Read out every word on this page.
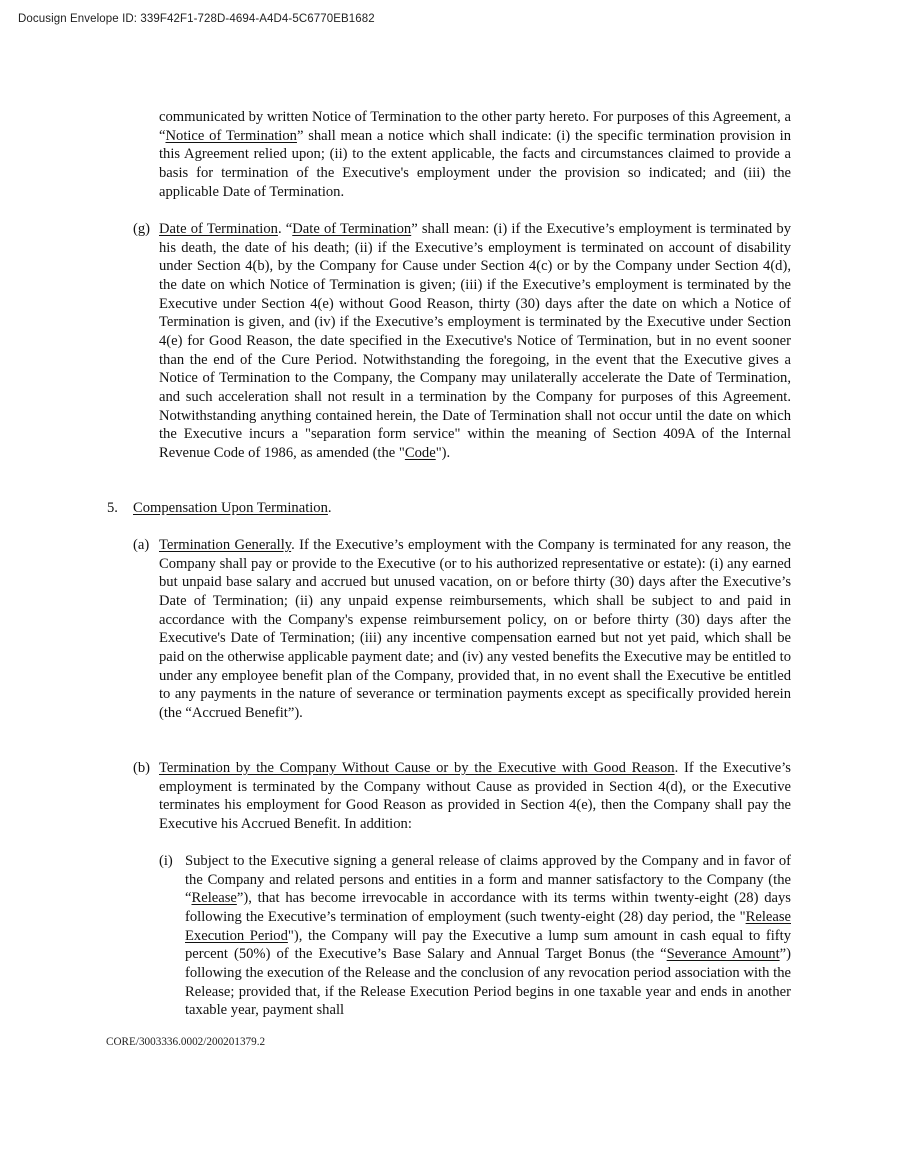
Docusign Envelope ID: 339F42F1-728D-4694-A4D4-5C6770EB1682

communicated by written Notice of Termination to the other party hereto. For purposes of this Agreement, a “Notice of Termination” shall mean a notice which shall indicate: (i) the specific termination provision in this Agreement relied upon; (ii) to the extent applicable, the facts and circumstances claimed to provide a basis for termination of the Executive's employment under the provision so indicated; and (iii) the applicable Date of Termination.

(g) Date of Termination. “Date of Termination” shall mean: (i) if the Executive’s employment is terminated by his death, the date of his death; (ii) if the Executive’s employment is terminated on account of disability under Section 4(b), by the Company for Cause under Section 4(c) or by the Company under Section 4(d), the date on which Notice of Termination is given; (iii) if the Executive’s employment is terminated by the Executive under Section 4(e) without Good Reason, thirty (30) days after the date on which a Notice of Termination is given, and (iv) if the Executive’s employment is terminated by the Executive under Section 4(e) for Good Reason, the date specified in the Executive's Notice of Termination, but in no event sooner than the end of the Cure Period. Notwithstanding the foregoing, in the event that the Executive gives a Notice of Termination to the Company, the Company may unilaterally accelerate the Date of Termination, and such acceleration shall not result in a termination by the Company for purposes of this Agreement. Notwithstanding anything contained herein, the Date of Termination shall not occur until the date on which the Executive incurs a "separation form service" within the meaning of Section 409A of the Internal Revenue Code of 1986, as amended (the "Code").

5. Compensation Upon Termination.

(a) Termination Generally. If the Executive’s employment with the Company is terminated for any reason, the Company shall pay or provide to the Executive (or to his authorized representative or estate): (i) any earned but unpaid base salary and accrued but unused vacation, on or before thirty (30) days after the Executive’s Date of Termination; (ii) any unpaid expense reimbursements, which shall be subject to and paid in accordance with the Company's expense reimbursement policy, on or before thirty (30) days after the Executive's Date of Termination; (iii) any incentive compensation earned but not yet paid, which shall be paid on the otherwise applicable payment date; and (iv) any vested benefits the Executive may be entitled to under any employee benefit plan of the Company, provided that, in no event shall the Executive be entitled to any payments in the nature of severance or termination payments except as specifically provided herein (the “Accrued Benefit”).

(b) Termination by the Company Without Cause or by the Executive with Good Reason. If the Executive’s employment is terminated by the Company without Cause as provided in Section 4(d), or the Executive terminates his employment for Good Reason as provided in Section 4(e), then the Company shall pay the Executive his Accrued Benefit. In addition:

(i) Subject to the Executive signing a general release of claims approved by the Company and in favor of the Company and related persons and entities in a form and manner satisfactory to the Company (the “Release”), that has become irrevocable in accordance with its terms within twenty-eight (28) days following the Executive’s termination of employment (such twenty-eight (28) day period, the "Release Execution Period"), the Company will pay the Executive a lump sum amount in cash equal to fifty percent (50%) of the Executive’s Base Salary and Annual Target Bonus (the “Severance Amount”) following the execution of the Release and the conclusion of any revocation period association with the Release; provided that, if the Release Execution Period begins in one taxable year and ends in another taxable year, payment shall

CORE/3003336.0002/200201379.2
